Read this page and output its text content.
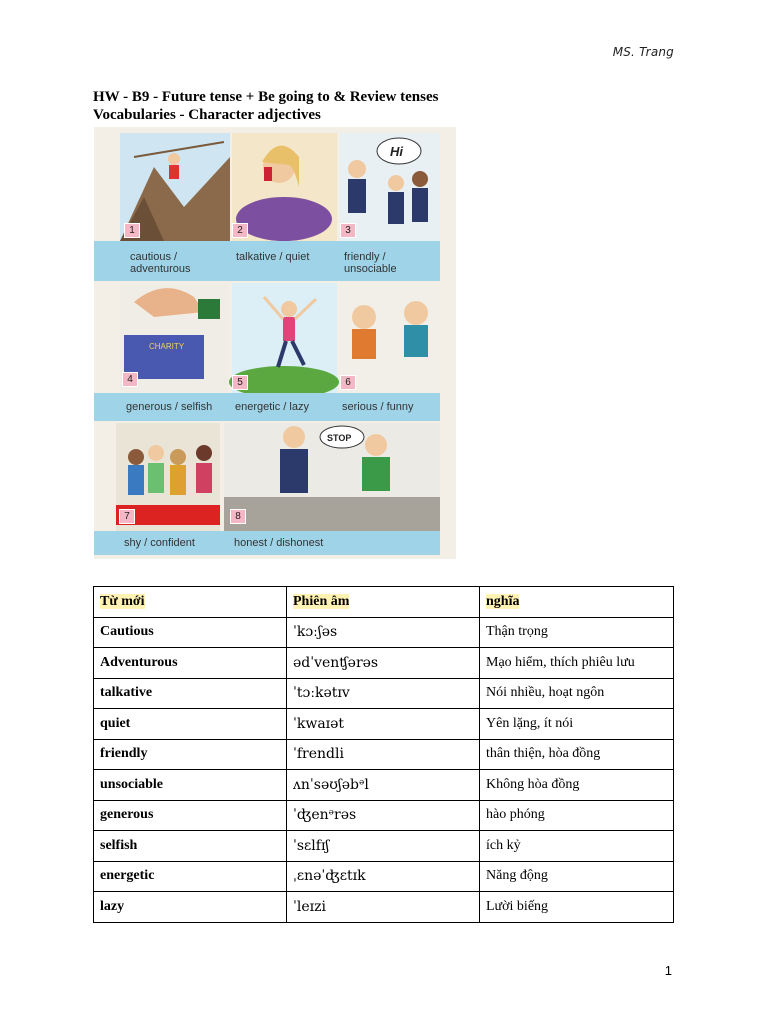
MS. Trang
HW - B9 - Future tense + Be going to & Review tenses
Vocabularies - Character adjectives
Hi
CHARITY
STOP
1	2	3
4	5	6
7	8
cautious /
adventurous
talkative / quiet	friendly /
unsociable
generous / selfish	energetic / lazy	serious / funny
shy / confident	honest / dishonest
Từ mới	Phiên âm	nghĩa
Cautious	ˈkɔːʃəs	Thận trọng
Adventurous	ədˈvenʧərəs	Mạo hiểm, thích phiêu lưu
talkative	ˈtɔːkətɪv	Nói nhiều, hoạt ngôn
quiet	ˈkwaɪət	Yên lặng, ít nói
friendly	ˈfrendli	thân thiện, hòa đồng
unsociable	ʌnˈsəʊʃəbᵊl	Không hòa đồng
generous	ˈʤenᵊrəs	hào phóng
selfish	ˈsɛlfɪʃ	ích kỷ
energetic	ˌɛnəˈʤɛtɪk	Năng động
lazy	ˈleɪzi	Lười biếng
1
